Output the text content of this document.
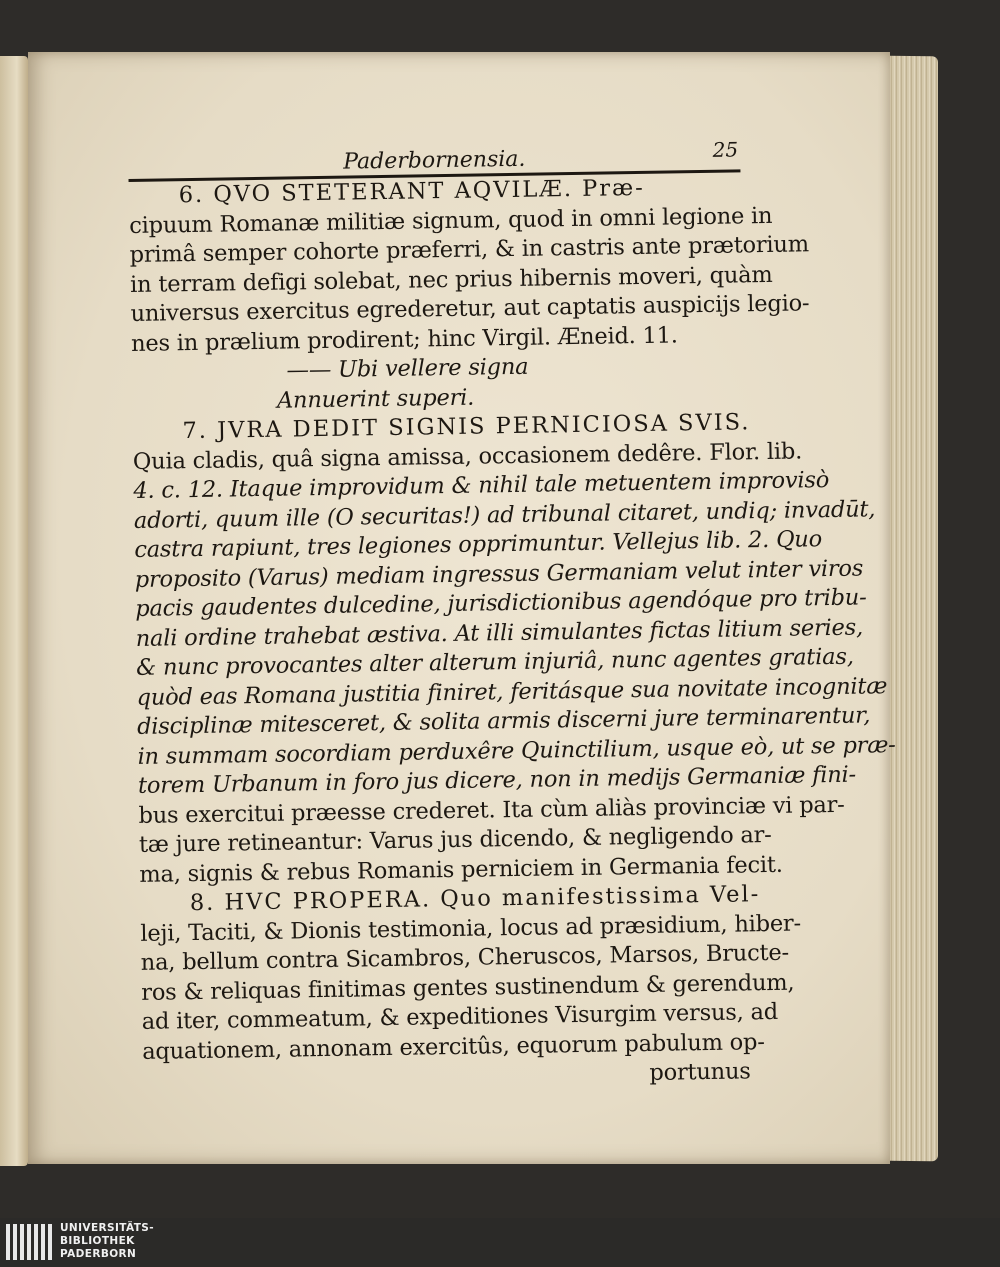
Paderbornensia.	25
6. QVO STETERANT AQVILÆ. Præ-
cipuum Romanæ militiæ signum, quod in omni legione in
primâ semper cohorte præferri, & in castris ante prætorium
in terram defigi solebat, nec prius hibernis moveri, quàm
universus exercitus egrederetur, aut captatis auspicijs legio-
nes in prælium prodirent; hinc Virgil. Æneid. 11.
—— Ubi vellere signa
Annuerint superi.
7. JVRA DEDIT SIGNIS PERNICIOSA SVIS.
Quia cladis, quâ signa amissa, occasionem dedêre. Flor. lib.
4. c. 12. Itaque improvidum & nihil tale metuentem improvisò
adorti, quum ille (O securitas!) ad tribunal citaret, undiq; invadūt,
castra rapiunt, tres legiones opprimuntur. Vellejus lib. 2. Quo
proposito (Varus) mediam ingressus Germaniam velut inter viros
pacis gaudentes dulcedine, jurisdictionibus agendóque pro tribu-
nali ordine trahebat æstiva. At illi simulantes fictas litium series,
& nunc provocantes alter alterum injuriâ, nunc agentes gratias,
quòd eas Romana justitia finiret, feritásque sua novitate incognitæ
disciplinæ mitesceret, & solita armis discerni jure terminarentur,
in summam socordiam perduxêre Quinctilium, usque eò, ut se præ-
torem Urbanum in foro jus dicere, non in medijs Germaniæ fini-
bus exercitui præesse crederet. Ita cùm aliàs provinciæ vi par-
tæ jure retineantur: Varus jus dicendo, & negligendo ar-
ma, signis & rebus Romanis perniciem in Germania fecit.
8. HVC PROPERA. Quo manifestissima Vel-
leji, Taciti, & Dionis testimonia, locus ad præsidium, hiber-
na, bellum contra Sicambros, Cheruscos, Marsos, Bructe-
ros & reliquas finitimas gentes sustinendum & gerendum,
ad iter, commeatum, & expeditiones Visurgim versus, ad
aquationem, annonam exercitûs, equorum pabulum op-
portunus
UNIVERSITÄTS-
BIBLIOTHEK
PADERBORN
